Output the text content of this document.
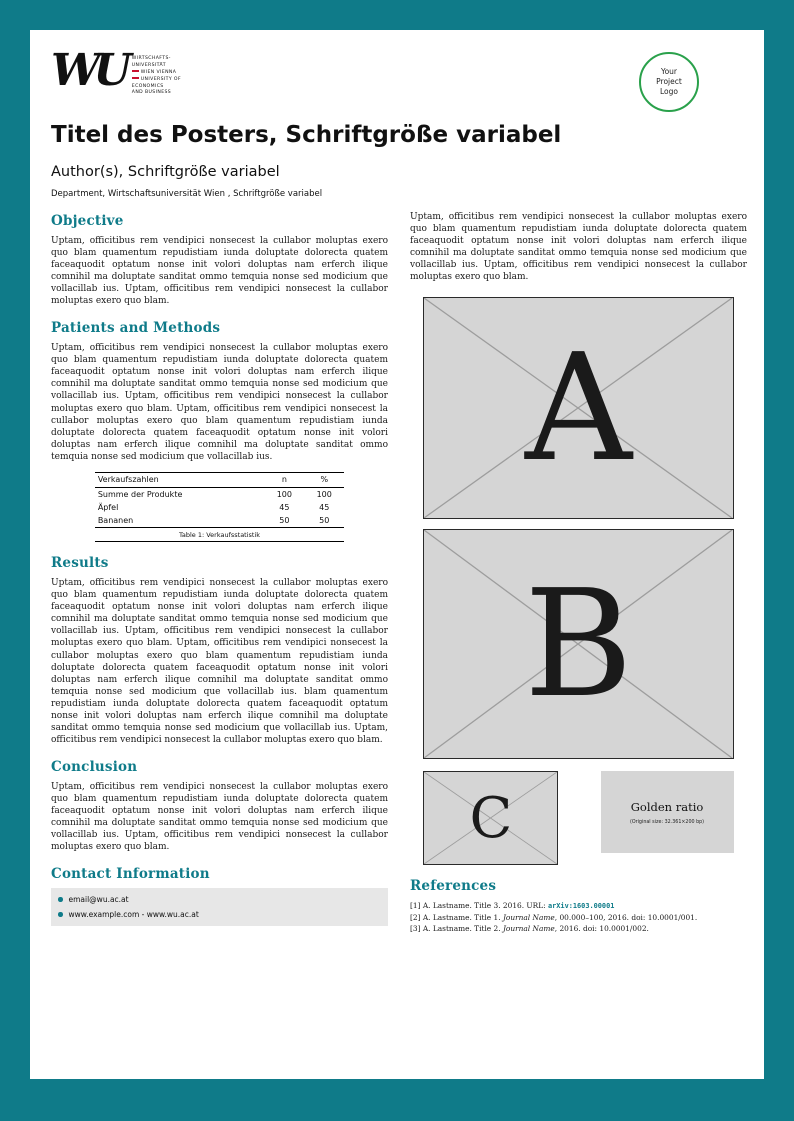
WU WIRTSCHAFTS-
UNIVERSITÄT
WIEN VIENNA
UNIVERSITY OF
ECONOMICS
AND BUSINESS
Your
Project
Logo
Titel des Posters, Schriftgröße variabel
Author(s), Schriftgröße variabel
Department, Wirtschaftsuniversität Wien , Schriftgröße variabel
Objective

Uptam, officitibus rem vendipici nonsecest la cullabor moluptas exero quo blam quamentum repudistiam iunda doluptate dolorecta quatem faceaquodit optatum nonse init volori doluptas nam erferch ilique comnihil ma doluptate sanditat ommo temquia nonse sed modicium que vollacillab ius. Uptam, officitibus rem vendipici nonsecest la cullabor moluptas exero quo blam.

Patients and Methods

Uptam, officitibus rem vendipici nonsecest la cullabor moluptas exero quo blam quamentum repudistiam iunda doluptate dolorecta quatem faceaquodit optatum nonse init volori doluptas nam erferch ilique comnihil ma doluptate sanditat ommo temquia nonse sed modicium que vollacillab ius. Uptam, officitibus rem vendipici nonsecest la cullabor moluptas exero quo blam. Uptam, officitibus rem vendipici nonsecest la cullabor moluptas exero quo blam quamentum repudistiam iunda doluptate dolorecta quatem faceaquodit optatum nonse init volori doluptas nam erferch ilique comnihil ma doluptate sanditat ommo temquia nonse sed modicium que vollacillab ius.

Verkaufszahlen	n	%
Summe der Produkte	100	100
Äpfel	45	45
Bananen	50	50
Table 1: Verkaufsstatistik
Results

Uptam, officitibus rem vendipici nonsecest la cullabor moluptas exero quo blam quamentum repudistiam iunda doluptate dolorecta quatem faceaquodit optatum nonse init volori doluptas nam erferch ilique comnihil ma doluptate sanditat ommo temquia nonse sed modicium que vollacillab ius. Uptam, officitibus rem vendipici nonsecest la cullabor moluptas exero quo blam. Uptam, officitibus rem vendipici nonsecest la cullabor moluptas exero quo blam quamentum repudistiam iunda doluptate dolorecta quatem faceaquodit optatum nonse init volori doluptas nam erferch ilique comnihil ma doluptate sanditat ommo temquia nonse sed modicium que vollacillab ius. blam quamentum repudistiam iunda doluptate dolorecta quatem faceaquodit optatum nonse init volori doluptas nam erferch ilique comnihil ma doluptate sanditat ommo temquia nonse sed modicium que vollacillab ius. Uptam, officitibus rem vendipici nonsecest la cullabor moluptas exero quo blam.

Conclusion

Uptam, officitibus rem vendipici nonsecest la cullabor moluptas exero quo blam quamentum repudistiam iunda doluptate dolorecta quatem faceaquodit optatum nonse init volori doluptas nam erferch ilique comnihil ma doluptate sanditat ommo temquia nonse sed modicium que vollacillab ius. Uptam, officitibus rem vendipici nonsecest la cullabor moluptas exero quo blam.

Contact Information
email@wu.ac.at
www.example.com - www.wu.ac.at

Uptam, officitibus rem vendipici nonsecest la cullabor moluptas exero quo blam quamentum repudistiam iunda doluptate dolorecta quatem faceaquodit optatum nonse init volori doluptas nam erferch ilique comnihil ma doluptate sanditat ommo temquia nonse sed modicium que vollacillab ius. Uptam, officitibus rem vendipici nonsecest la cullabor moluptas exero quo blam.

A
B
C	Golden ratio
(Original size: 32.361×200 bp)
References

[1] A. Lastname. Title 3. 2016. URL: arXiv:1603.00001

[2] A. Lastname. Title 1. Journal Name, 00.000–100, 2016. doi: 10.0001/001.

[3] A. Lastname. Title 2. Journal Name, 2016. doi: 10.0001/002.
